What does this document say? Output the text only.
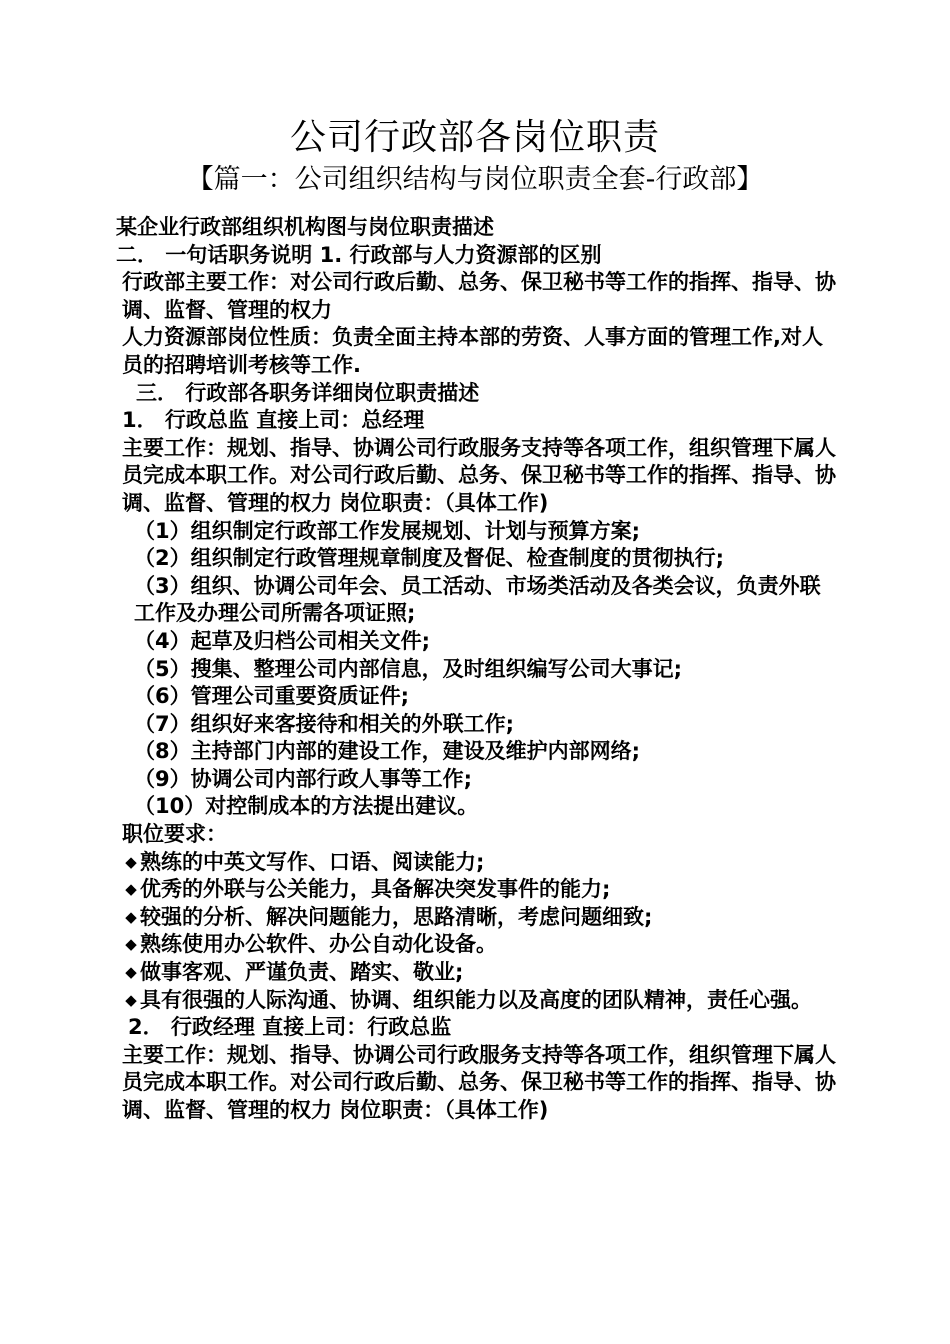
公司行政部各岗位职责
【篇一：公司组织结构与岗位职责全套-行政部】

某企业行政部组织机构图与岗位职责描述

二． 一句话职务说明 1. 行政部与人力资源部的区别

行政部主要工作：对公司行政后勤、总务、保卫秘书等工作的指挥、指导、协调、监督、管理的权力

人力资源部岗位性质：负责全面主持本部的劳资、人事方面的管理工作,对人员的招聘培训考核等工作.

三． 行政部各职务详细岗位职责描述

1． 行政总监 直接上司：总经理

主要工作：规划、指导、协调公司行政服务支持等各项工作，组织管理下属人员完成本职工作。对公司行政后勤、总务、保卫秘书等工作的指挥、指导、协调、监督、管理的权力 岗位职责：（具体工作)

（1）组织制定行政部工作发展规划、计划与预算方案;

（2）组织制定行政管理规章制度及督促、检查制度的贯彻执行;

（3）组织、协调公司年会、员工活动、市场类活动及各类会议，负责外联工作及办理公司所需各项证照;

（4）起草及归档公司相关文件;

（5）搜集、整理公司内部信息，及时组织编写公司大事记;

（6）管理公司重要资质证件;

（7）组织好来客接待和相关的外联工作;

（8）主持部门内部的建设工作，建设及维护内部网络;

（9）协调公司内部行政人事等工作;

（10）对控制成本的方法提出建议。

职位要求：

◆ 熟练的中英文写作、口语、阅读能力;

◆ 优秀的外联与公关能力，具备解决突发事件的能力;

◆ 较强的分析、解决问题能力，思路清晰，考虑问题细致;

◆ 熟练使用办公软件、办公自动化设备。

◆ 做事客观、严谨负责、踏实、敬业;

◆ 具有很强的人际沟通、协调、组织能力以及高度的团队精神，责任心强。

2． 行政经理 直接上司：行政总监

主要工作：规划、指导、协调公司行政服务支持等各项工作，组织管理下属人员完成本职工作。对公司行政后勤、总务、保卫秘书等工作的指挥、指导、协调、监督、管理的权力 岗位职责：（具体工作)
